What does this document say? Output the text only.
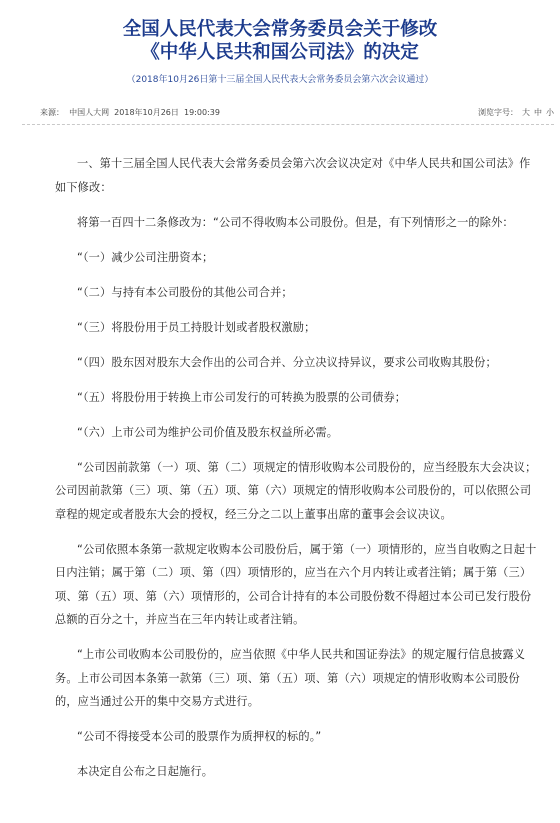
全国人民代表大会常务委员会关于修改
《中华人民共和国公司法》的决定
（2018年10月26日第十三届全国人民代表大会常务委员会第六次会议通过）
来源：  中国人大网  2018年10月26日  19:00:39	浏览字号： 大 中 小

一、第十三届全国人民代表大会常务委员会第六次会议决定对《中华人民共和国公司法》作如下修改：

将第一百四十二条修改为：“公司不得收购本公司股份。但是，有下列情形之一的除外：

“（一）减少公司注册资本；

“（二）与持有本公司股份的其他公司合并；

“（三）将股份用于员工持股计划或者股权激励；

“（四）股东因对股东大会作出的公司合并、分立决议持异议，要求公司收购其股份；

“（五）将股份用于转换上市公司发行的可转换为股票的公司债券；

“（六）上市公司为维护公司价值及股东权益所必需。

“公司因前款第（一）项、第（二）项规定的情形收购本公司股份的，应当经股东大会决议；公司因前款第（三）项、第（五）项、第（六）项规定的情形收购本公司股份的，可以依照公司章程的规定或者股东大会的授权，经三分之二以上董事出席的董事会会议决议。

“公司依照本条第一款规定收购本公司股份后，属于第（一）项情形的，应当自收购之日起十日内注销；属于第（二）项、第（四）项情形的，应当在六个月内转让或者注销；属于第（三）项、第（五）项、第（六）项情形的，公司合计持有的本公司股份数不得超过本公司已发行股份总额的百分之十，并应当在三年内转让或者注销。

“上市公司收购本公司股份的，应当依照《中华人民共和国证券法》的规定履行信息披露义务。上市公司因本条第一款第（三）项、第（五）项、第（六）项规定的情形收购本公司股份的，应当通过公开的集中交易方式进行。

“公司不得接受本公司的股票作为质押权的标的。”

本决定自公布之日起施行。
